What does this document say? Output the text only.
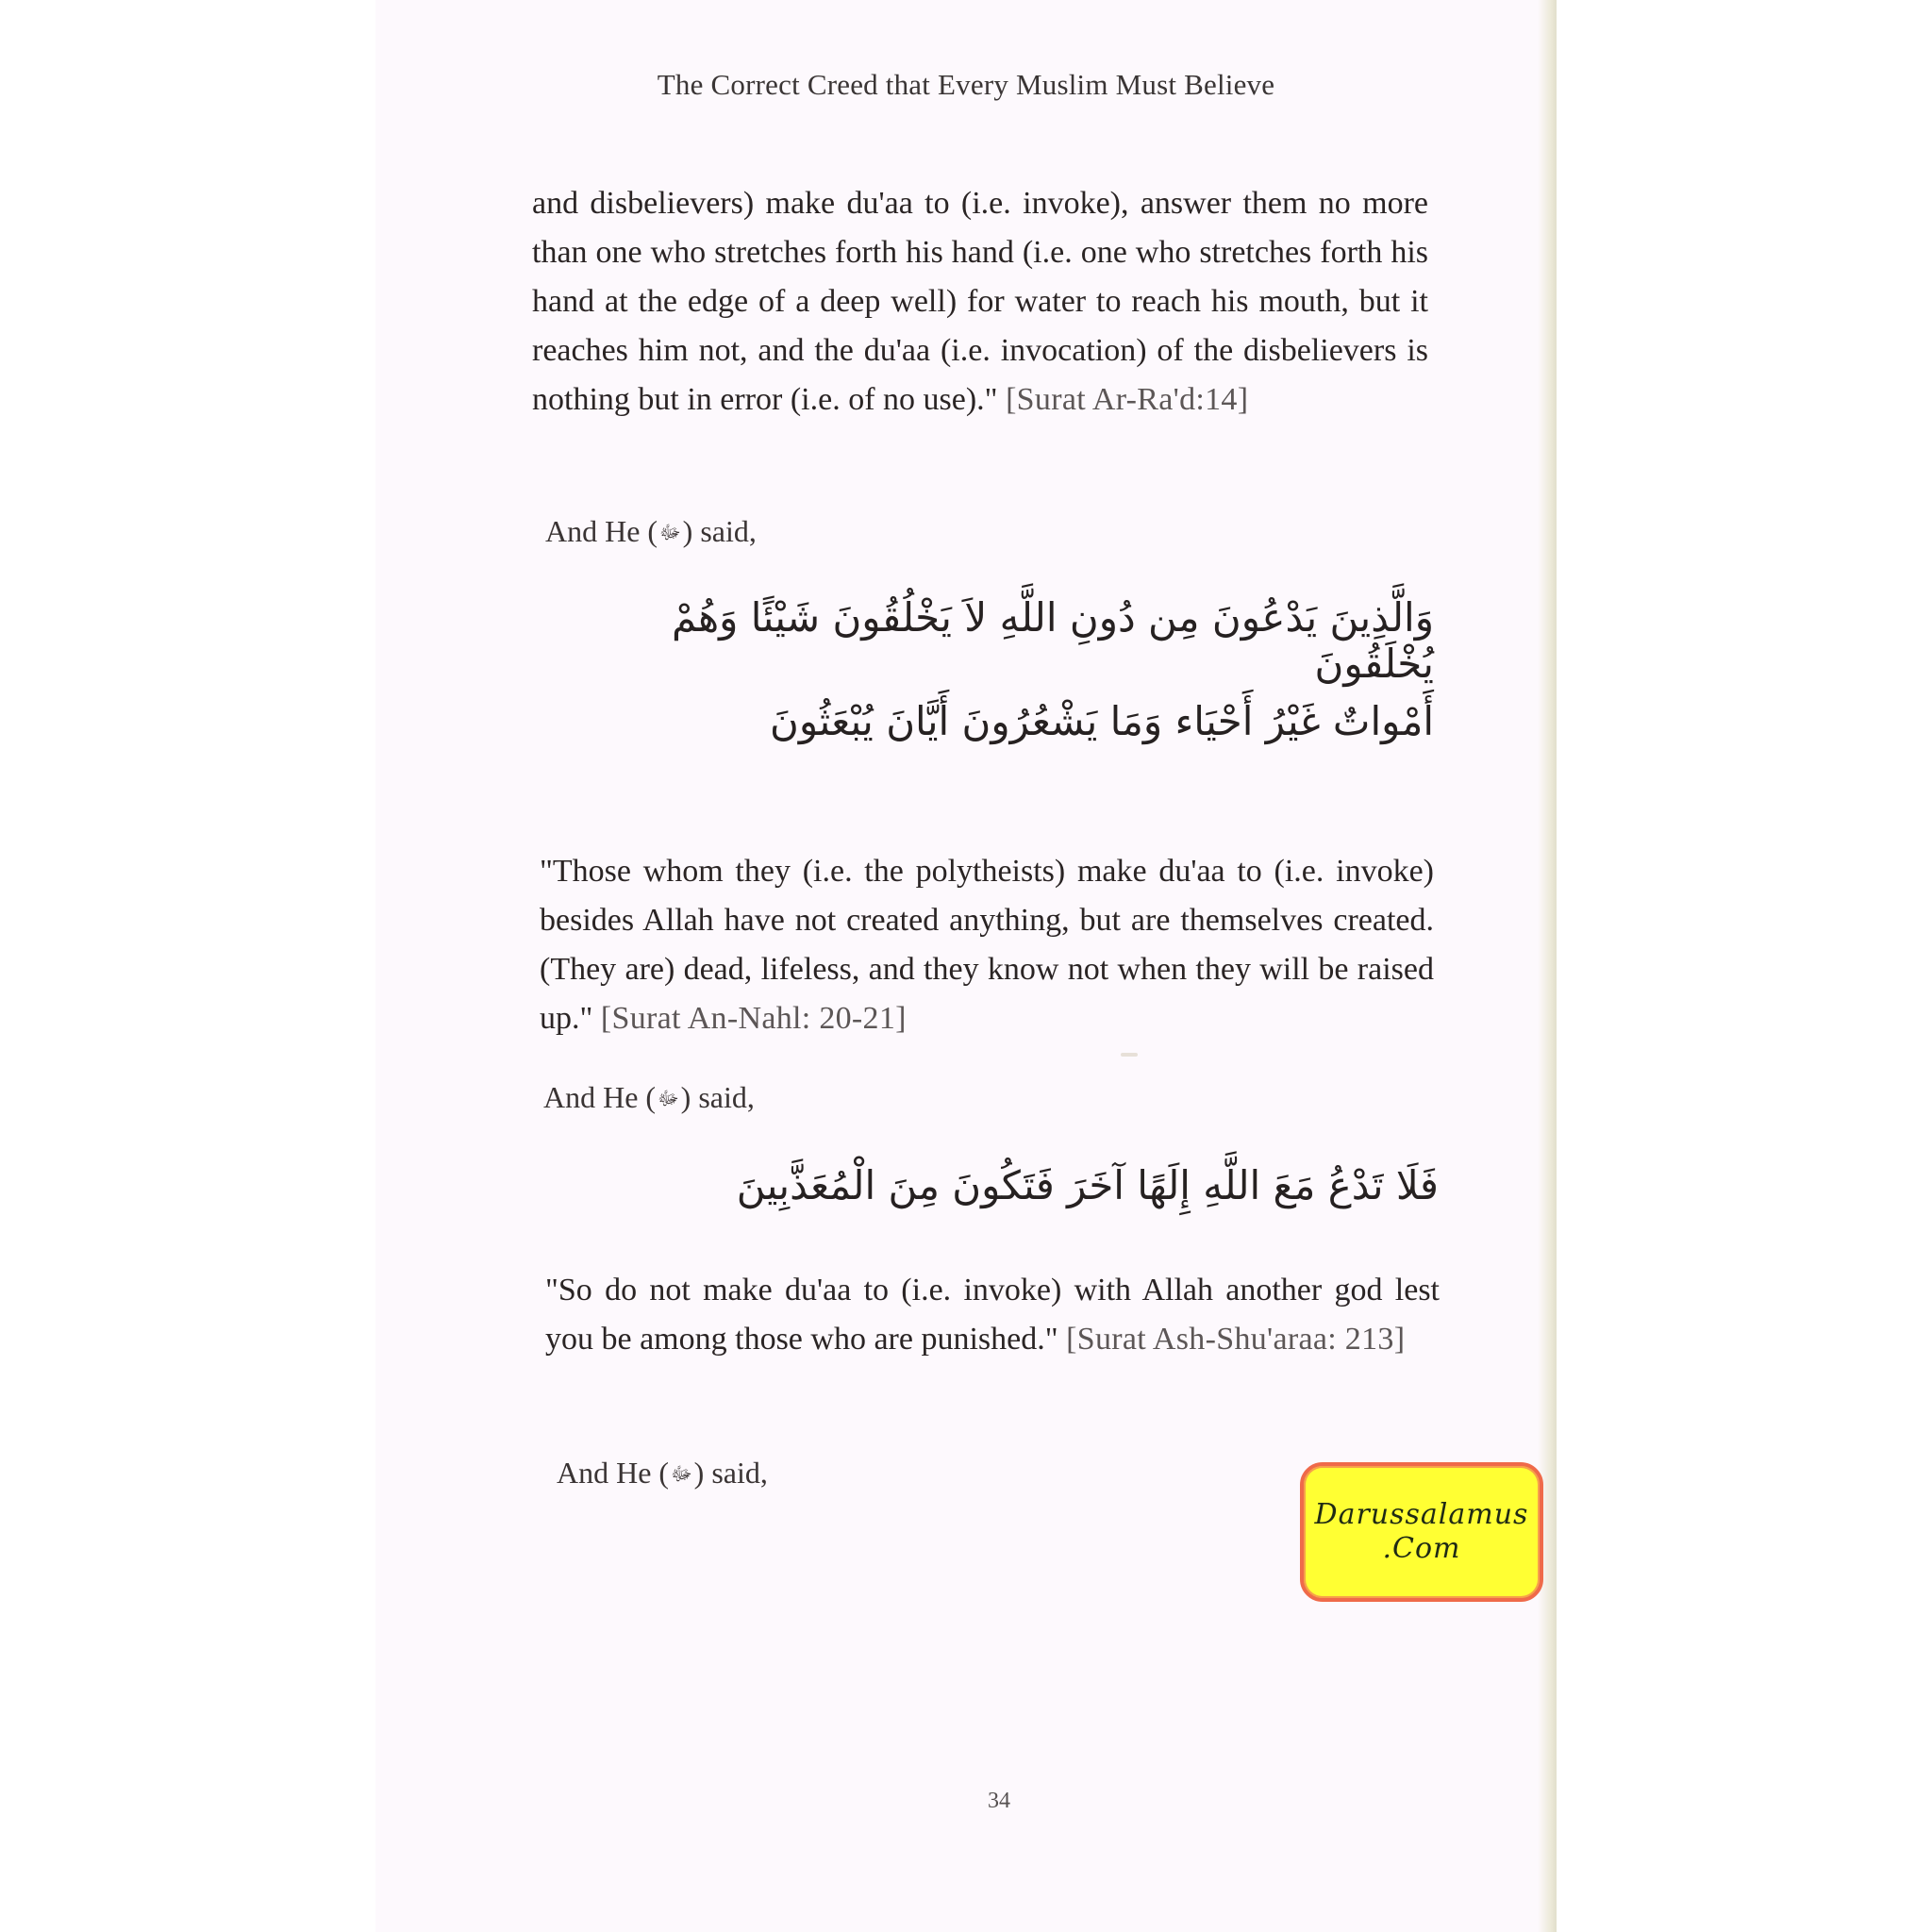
The Correct Creed that Every Muslim Must Believe
and disbelievers) make du'aa to (i.e. invoke), answer them no more than one who stretches forth his hand (i.e. one who stretches forth his hand at the edge of a deep well) for water to reach his mouth, but it reaches him not, and the du'aa (i.e. invocation) of the disbelievers is nothing but in error (i.e. of no use)." [Surat Ar-Ra'd:14]
And He ( ﷻ) said,
وَالَّذِينَ يَدْعُونَ مِن دُونِ اللَّهِ لاَ يَخْلُقُونَ شَيْئًا وَهُمْ يُخْلَقُونَ
أَمْواتٌ غَيْرُ أَحْيَاء وَمَا يَشْعُرُونَ أَيَّانَ يُبْعَثُونَ
"Those whom they (i.e. the polytheists) make du'aa to (i.e. invoke) besides Allah have not created anything, but are themselves created. (They are) dead, lifeless, and they know not when they will be raised up." [Surat An-Nahl: 20-21]
And He ( ﷻ) said,
فَلَا تَدْعُ مَعَ اللَّهِ إِلَهًا آخَرَ فَتَكُونَ مِنَ الْمُعَذَّبِينَ
"So do not make du'aa to (i.e. invoke) with Allah another god lest you be among those who are punished." [Surat Ash-Shu'araa: 213]
And He ( ﷻ) said,
Darussalamus
.Com
34
